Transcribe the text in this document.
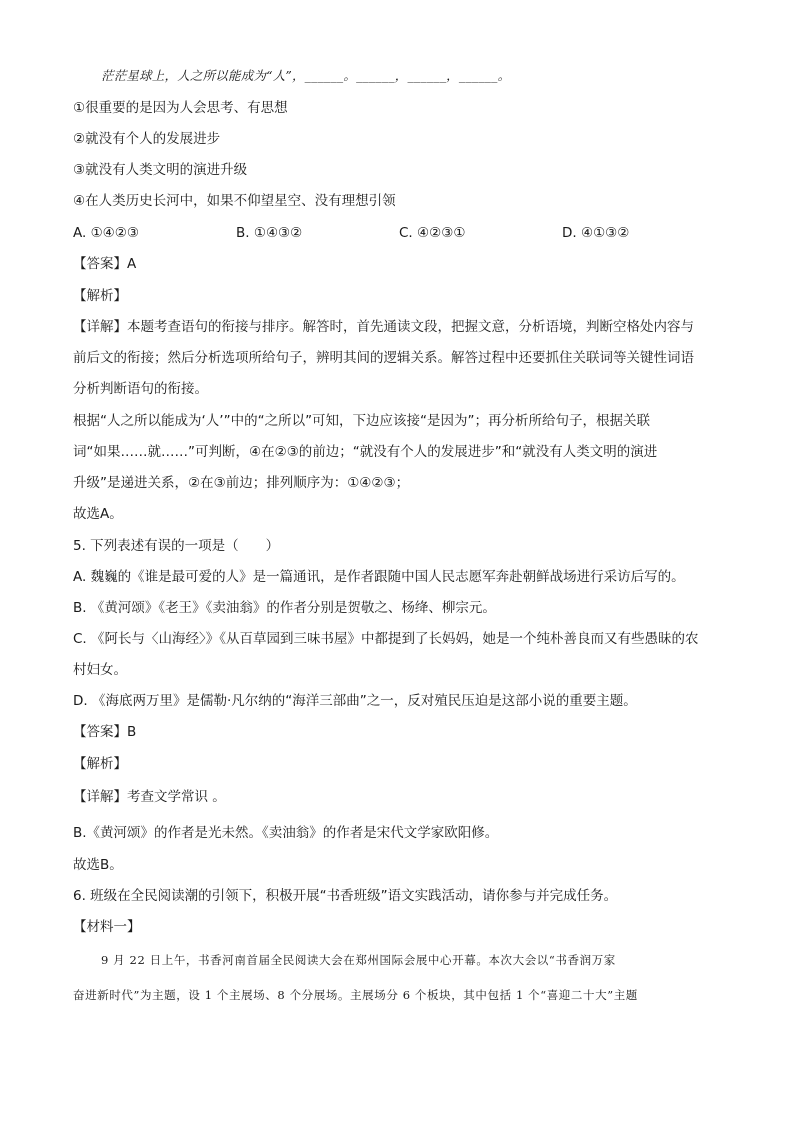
茫茫星球上，人之所以能成为“人”，______。______，______，______。
①很重要的是因为人会思考、有思想
②就没有个人的发展进步
③就没有人类文明的演进升级
④在人类历史长河中，如果不仰望星空、没有理想引领
A. ①④②③	B. ①④③②	C. ④②③①	D. ④①③②
【答案】A
【解析】
【详解】本题考查语句的衔接与排序。解答时，首先通读文段，把握文意，分析语境，判断空格处内容与
前后文的衔接；然后分析选项所给句子，辨明其间的逻辑关系。解答过程中还要抓住关联词等关键性词语
分析判断语句的衔接。
根据“人之所以能成为‘人’”中的“之所以”可知，下边应该接“是因为”；再分析所给句子，根据关联
词“如果……就……”可判断，④在②③的前边；“就没有个人的发展进步”和“就没有人类文明的演进
升级”是递进关系，②在③前边；排列顺序为：①④②③；
故选A。
5. 下列表述有误的一项是（　　）
A. 魏巍的《谁是最可爱的人》是一篇通讯，是作者跟随中国人民志愿军奔赴朝鲜战场进行采访后写的。
B. 《黄河颂》《老王》《卖油翁》的作者分别是贺敬之、杨绛、柳宗元。
C. 《阿长与〈山海经〉》《从百草园到三味书屋》中都提到了长妈妈，她是一个纯朴善良而又有些愚昧的农
村妇女。
D. 《海底两万里》是儒勒·凡尔纳的“海洋三部曲”之一，反对殖民压迫是这部小说的重要主题。
【答案】B
【解析】
【详解】考查文学常识 。
B.《黄河颂》的作者是光未然。《卖油翁》的作者是宋代文学家欧阳修。
故选B。
6. 班级在全民阅读潮的引领下，积极开展“书香班级”语文实践活动，请你参与并完成任务。
【材料一】
9 月 22 日上午，书香河南首届全民阅读大会在郑州国际会展中心开幕。本次大会以“书香润万家
奋进新时代”为主题，设 1 个主展场、8 个分展场。主展场分 6 个板块，其中包括 1 个“喜迎二十大”主题
